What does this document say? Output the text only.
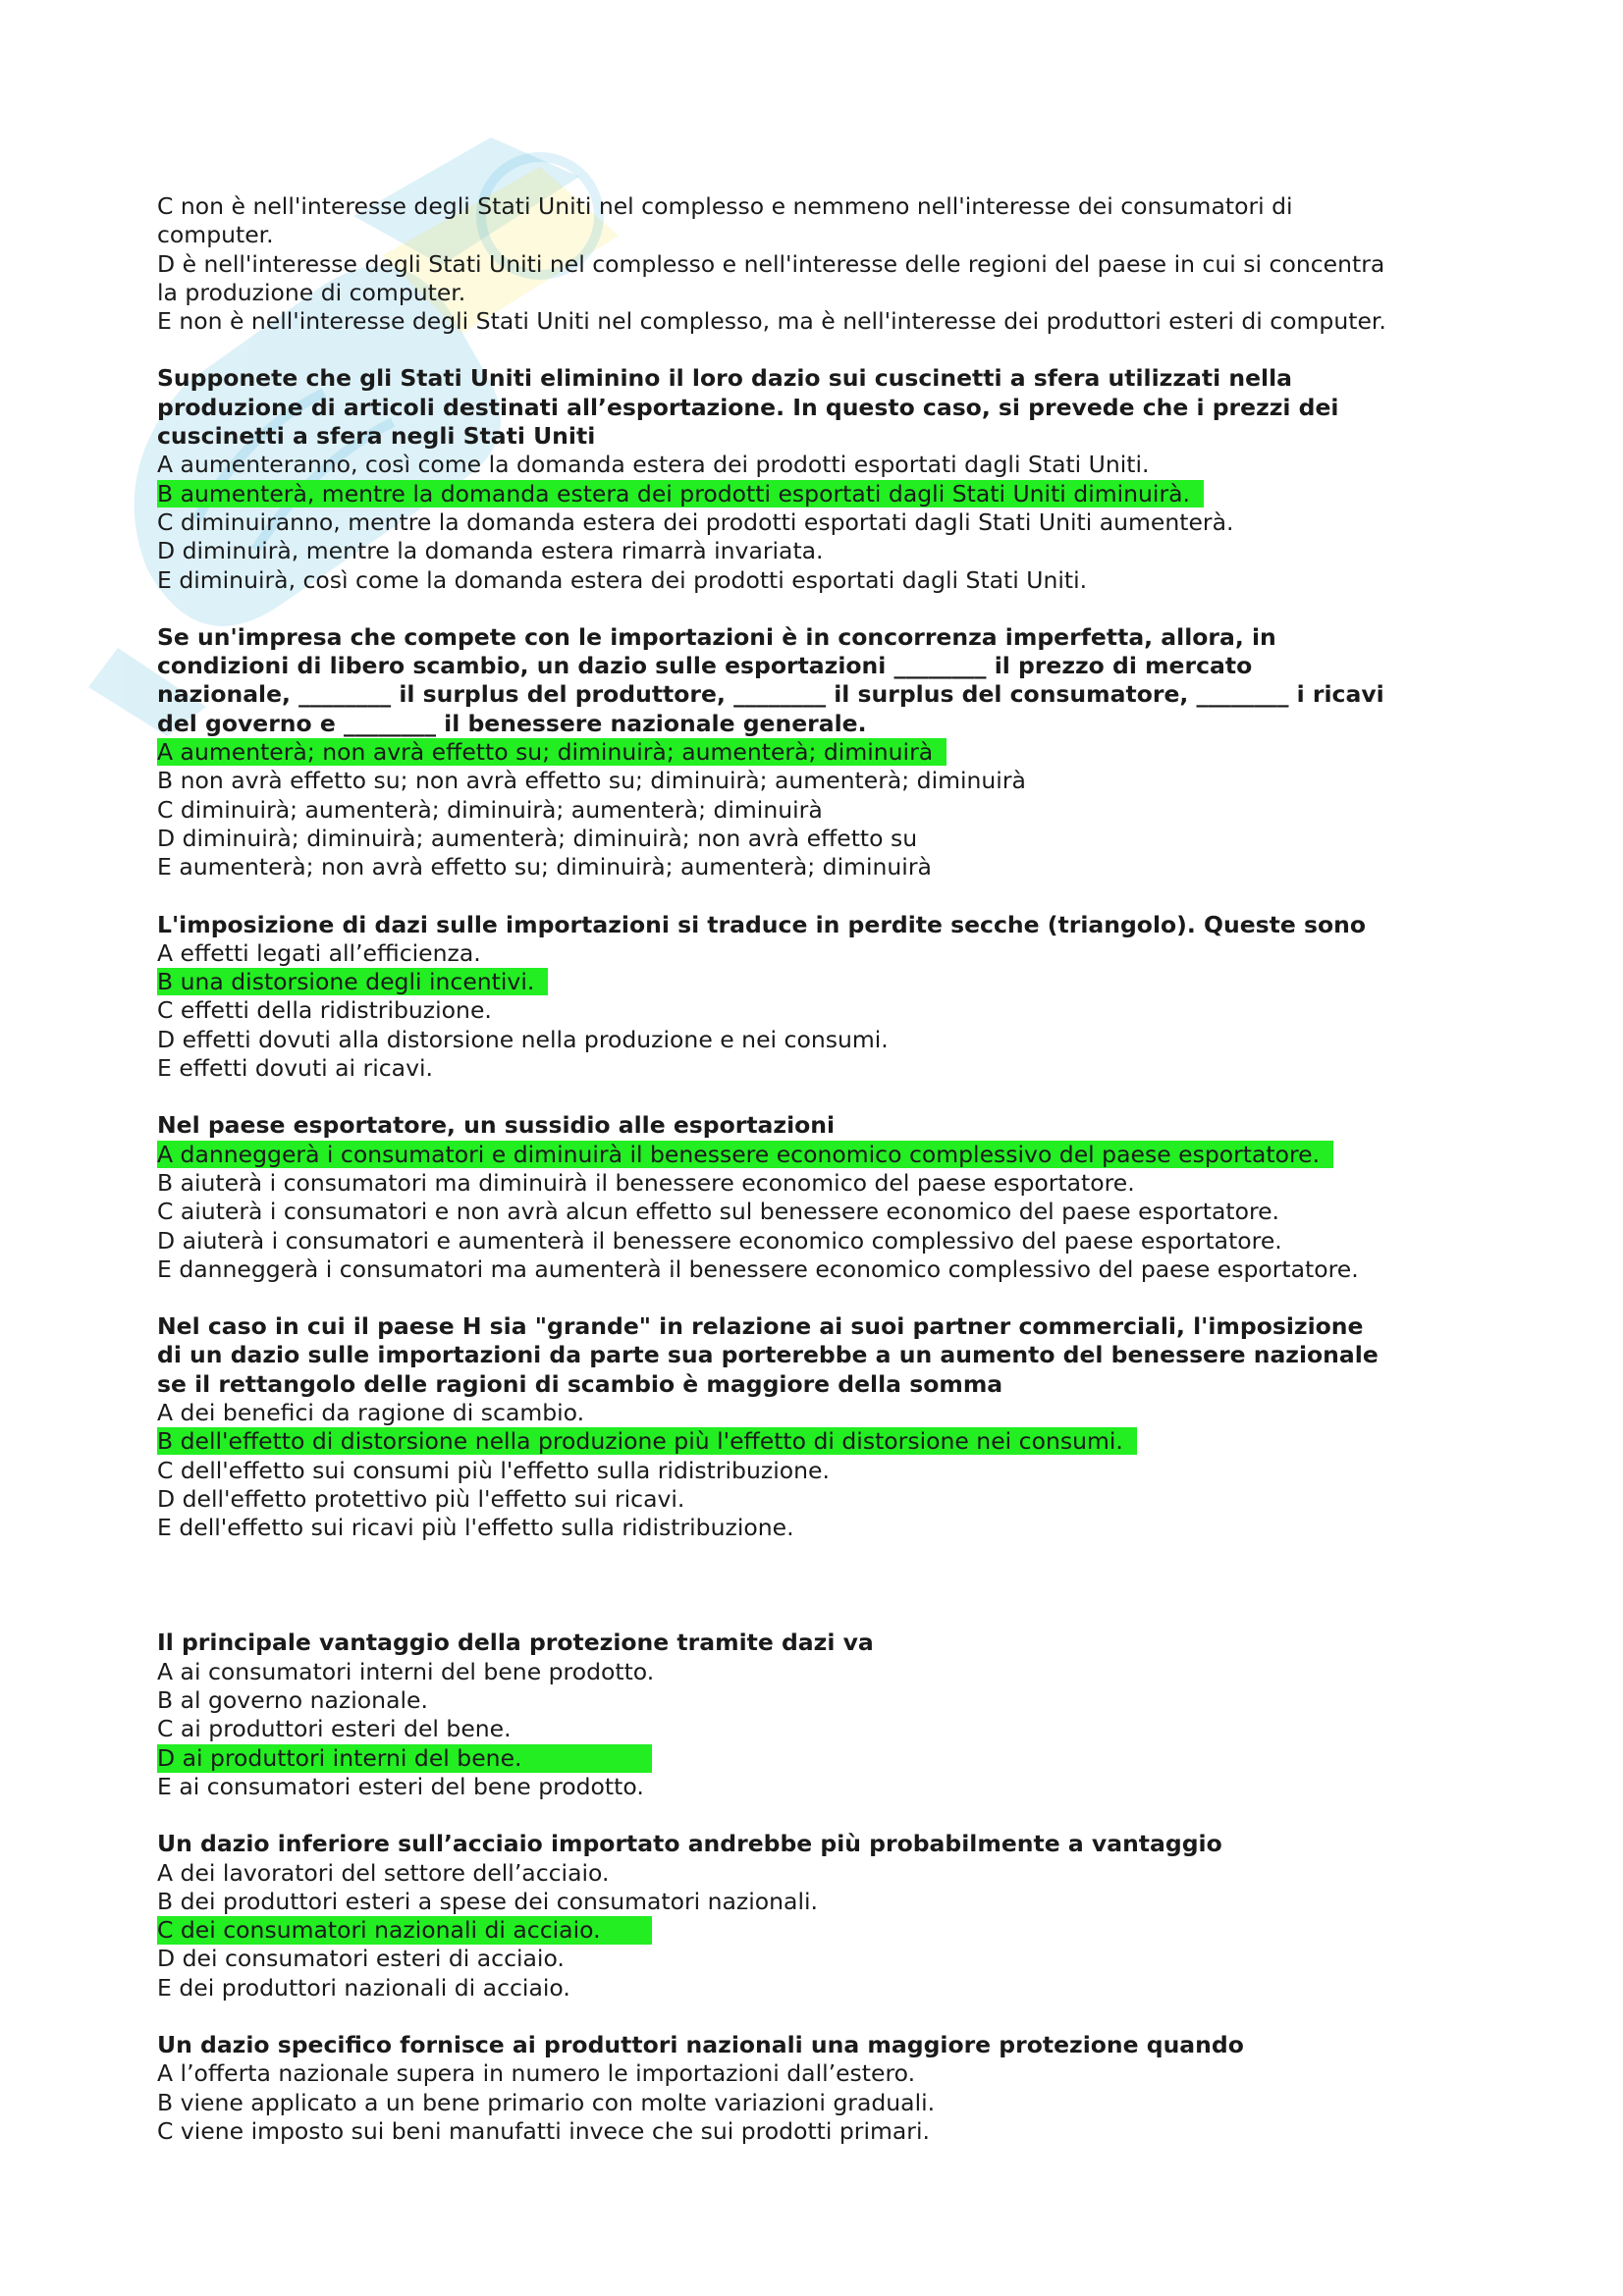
C non è nell'interesse degli Stati Uniti nel complesso e nemmeno nell'interesse dei consumatori di
computer.
D è nell'interesse degli Stati Uniti nel complesso e nell'interesse delle regioni del paese in cui si concentra
la produzione di computer.
E non è nell'interesse degli Stati Uniti nel complesso, ma è nell'interesse dei produttori esteri di computer.
Supponete che gli Stati Uniti eliminino il loro dazio sui cuscinetti a sfera utilizzati nella
produzione di articoli destinati all’esportazione. In questo caso, si prevede che i prezzi dei
cuscinetti a sfera negli Stati Uniti
A aumenteranno, così come la domanda estera dei prodotti esportati dagli Stati Uniti.
B aumenterà, mentre la domanda estera dei prodotti esportati dagli Stati Uniti diminuirà.
C diminuiranno, mentre la domanda estera dei prodotti esportati dagli Stati Uniti aumenterà.
D diminuirà, mentre la domanda estera rimarrà invariata.
E diminuirà, così come la domanda estera dei prodotti esportati dagli Stati Uniti.
Se un'impresa che compete con le importazioni è in concorrenza imperfetta, allora, in
condizioni di libero scambio, un dazio sulle esportazioni ________ il prezzo di mercato
nazionale, ________ il surplus del produttore, ________ il surplus del consumatore, ________ i ricavi
del governo e ________ il benessere nazionale generale.
A aumenterà; non avrà effetto su; diminuirà; aumenterà; diminuirà
B non avrà effetto su; non avrà effetto su; diminuirà; aumenterà; diminuirà
C diminuirà; aumenterà; diminuirà; aumenterà; diminuirà
D diminuirà; diminuirà; aumenterà; diminuirà; non avrà effetto su
E aumenterà; non avrà effetto su; diminuirà; aumenterà; diminuirà
L'imposizione di dazi sulle importazioni si traduce in perdite secche (triangolo). Queste sono
A effetti legati all’efficienza.
B una distorsione degli incentivi.
C effetti della ridistribuzione.
D effetti dovuti alla distorsione nella produzione e nei consumi.
E effetti dovuti ai ricavi.
Nel paese esportatore, un sussidio alle esportazioni
A danneggerà i consumatori e diminuirà il benessere economico complessivo del paese esportatore.
B aiuterà i consumatori ma diminuirà il benessere economico del paese esportatore.
C aiuterà i consumatori e non avrà alcun effetto sul benessere economico del paese esportatore.
D aiuterà i consumatori e aumenterà il benessere economico complessivo del paese esportatore.
E danneggerà i consumatori ma aumenterà il benessere economico complessivo del paese esportatore.
Nel caso in cui il paese H sia "grande" in relazione ai suoi partner commerciali, l'imposizione
di un dazio sulle importazioni da parte sua porterebbe a un aumento del benessere nazionale
se il rettangolo delle ragioni di scambio è maggiore della somma
A dei benefici da ragione di scambio.
B dell'effetto di distorsione nella produzione più l'effetto di distorsione nei consumi.
C dell'effetto sui consumi più l'effetto sulla ridistribuzione.
D dell'effetto protettivo più l'effetto sui ricavi.
E dell'effetto sui ricavi più l'effetto sulla ridistribuzione.
Il principale vantaggio della protezione tramite dazi va
A ai consumatori interni del bene prodotto.
B al governo nazionale.
C ai produttori esteri del bene.
D ai produttori interni del bene.
E ai consumatori esteri del bene prodotto.
Un dazio inferiore sull’acciaio importato andrebbe più probabilmente a vantaggio
A dei lavoratori del settore dell’acciaio.
B dei produttori esteri a spese dei consumatori nazionali.
C dei consumatori nazionali di acciaio.
D dei consumatori esteri di acciaio.
E dei produttori nazionali di acciaio.
Un dazio specifico fornisce ai produttori nazionali una maggiore protezione quando
A l’offerta nazionale supera in numero le importazioni dall’estero.
B viene applicato a un bene primario con molte variazioni graduali.
C viene imposto sui beni manufatti invece che sui prodotti primari.
